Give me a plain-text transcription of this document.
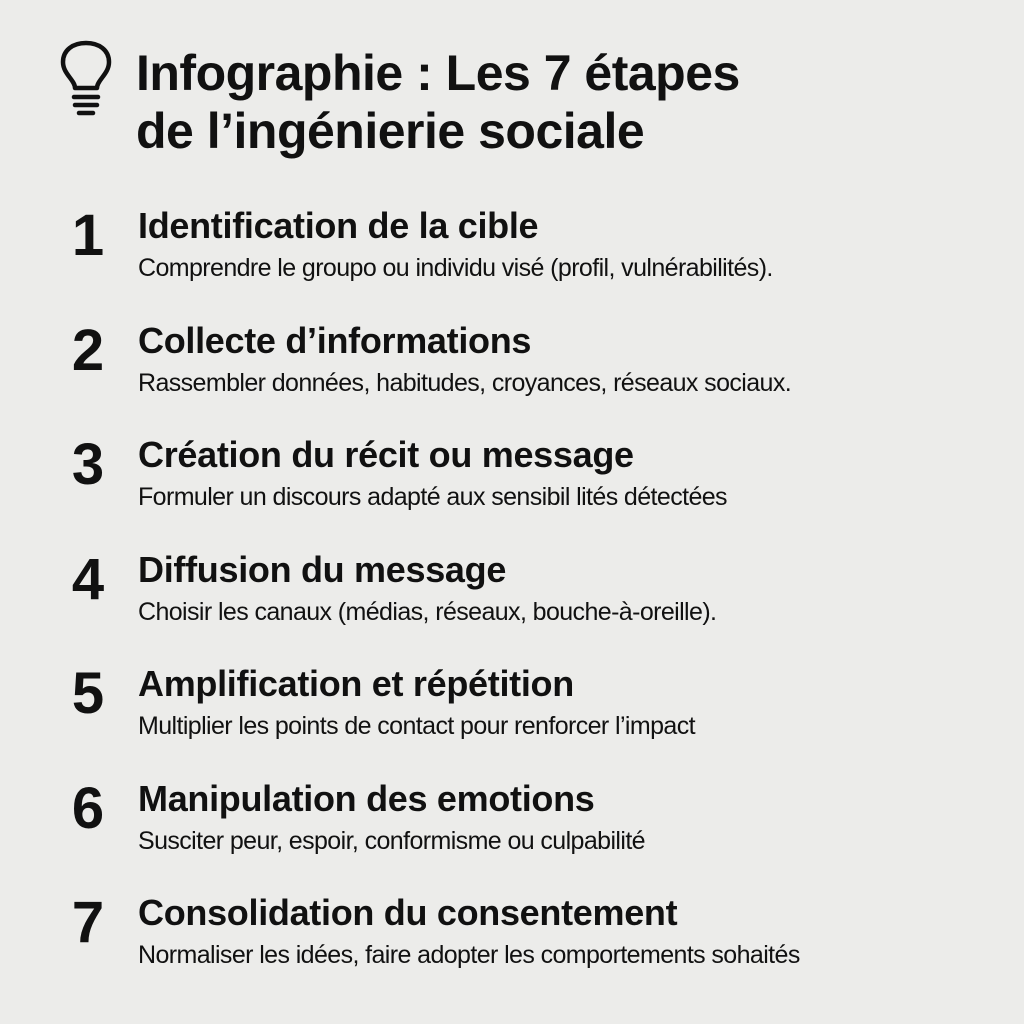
Infographie : Les 7 étapes
de l’ingénierie sociale
1 Identification de la cible
Comprendre le groupo ou individu visé (profil, vulnérabilités).
2 Collecte d’informations
Rassembler données, habitudes, croyances, réseaux sociaux.
3 Création du récit ou message
Formuler un discours adapté aux sensibil lités détectées
4 Diffusion du message
Choisir les canaux (médias, réseaux, bouche-à-oreille).
5 Amplification et répétition
Multiplier les points de contact pour renforcer l’impact
6 Manipulation des emotions
Susciter peur, espoir, conformisme ou culpabilité
7 Consolidation du consentement
Normaliser les idées, faire adopter les comportements sohaités
